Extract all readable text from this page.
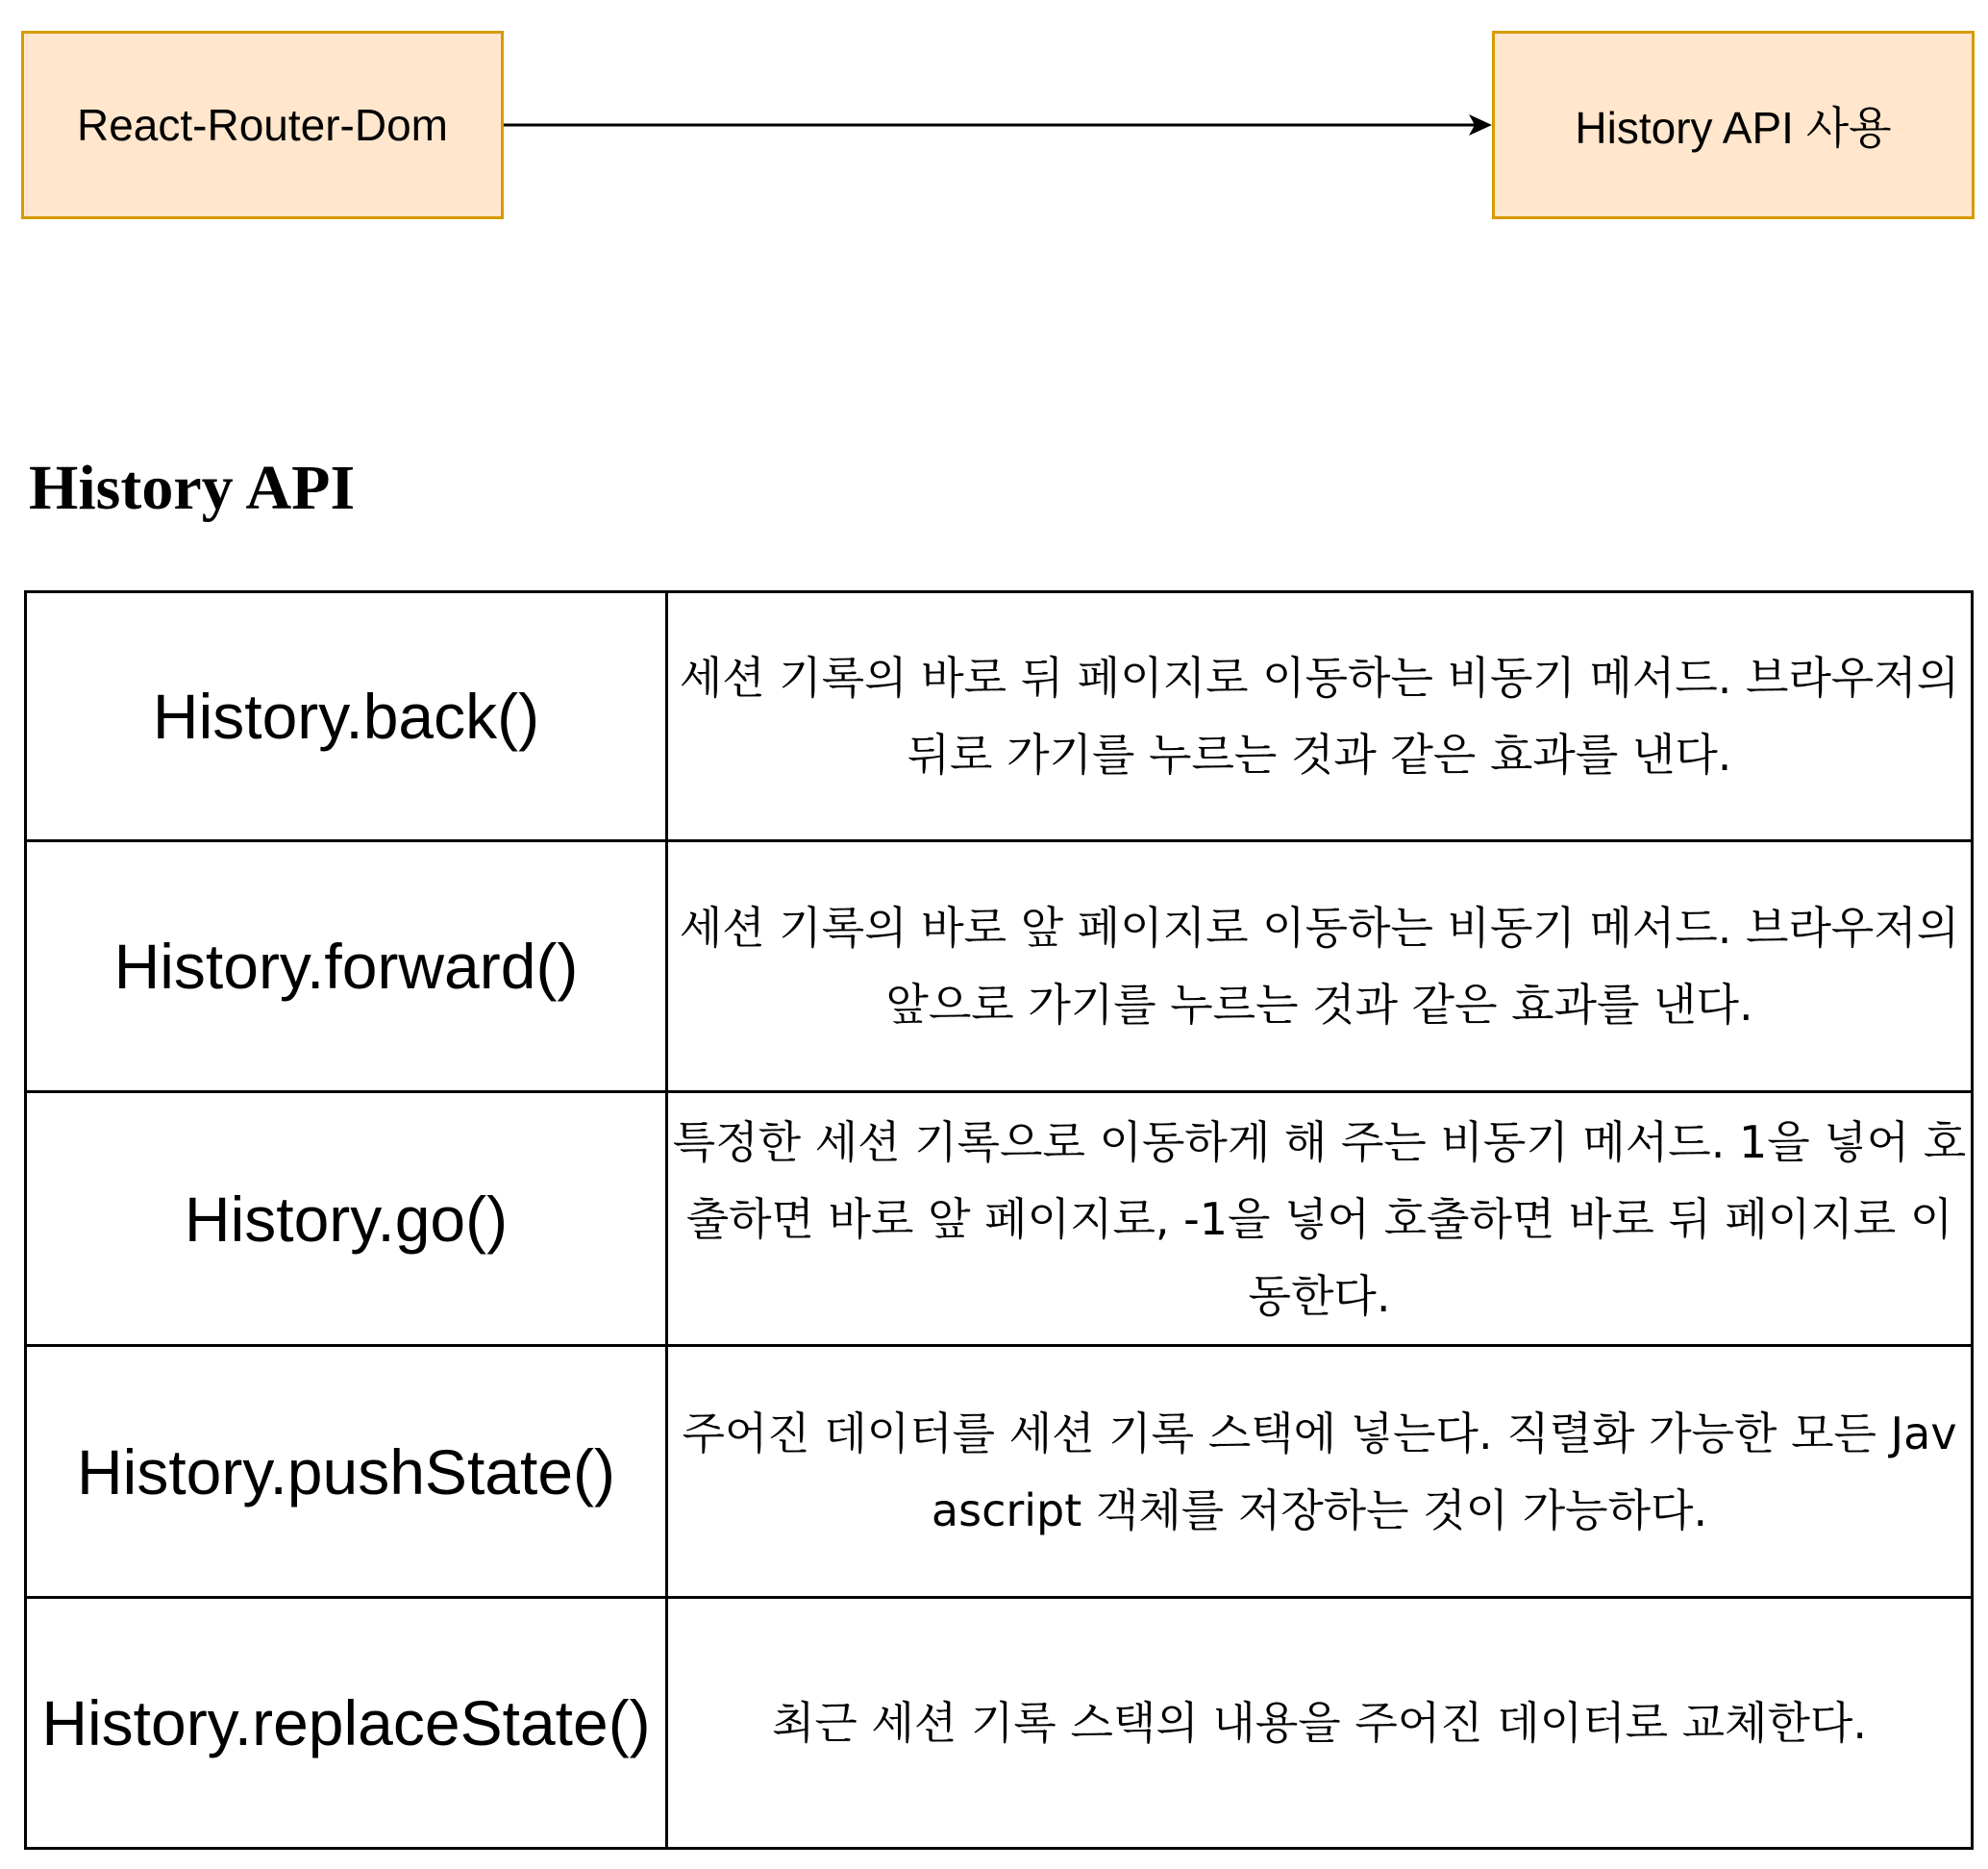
React-Router-Dom	History API 사용
History API
History.back()	세션 기록의 바로 뒤 페이지로 이동하는 비동기 메서드. 브라우저의 뒤로 가기를 누르는 것과 같은 효과를 낸다.
History.forward()	세션 기록의 바로 앞 페이지로 이동하는 비동기 메서드. 브라우저의 앞으로 가기를 누르는 것과 같은 효과를 낸다.
History.go()	특정한 세션 기록으로 이동하게 해 주는 비동기 메서드. 1을 넣어 호출하면 바로 앞 페이지로, -1을 넣어 호출하면 바로 뒤 페이지로 이동한다.
History.pushState()	주어진 데이터를 세션 기록 스택에 넣는다. 직렬화 가능한 모든 Javascript 객체를 저장하는 것이 가능하다.
History.replaceState()	최근 세션 기록 스택의 내용을 주어진 데이터로 교체한다.
